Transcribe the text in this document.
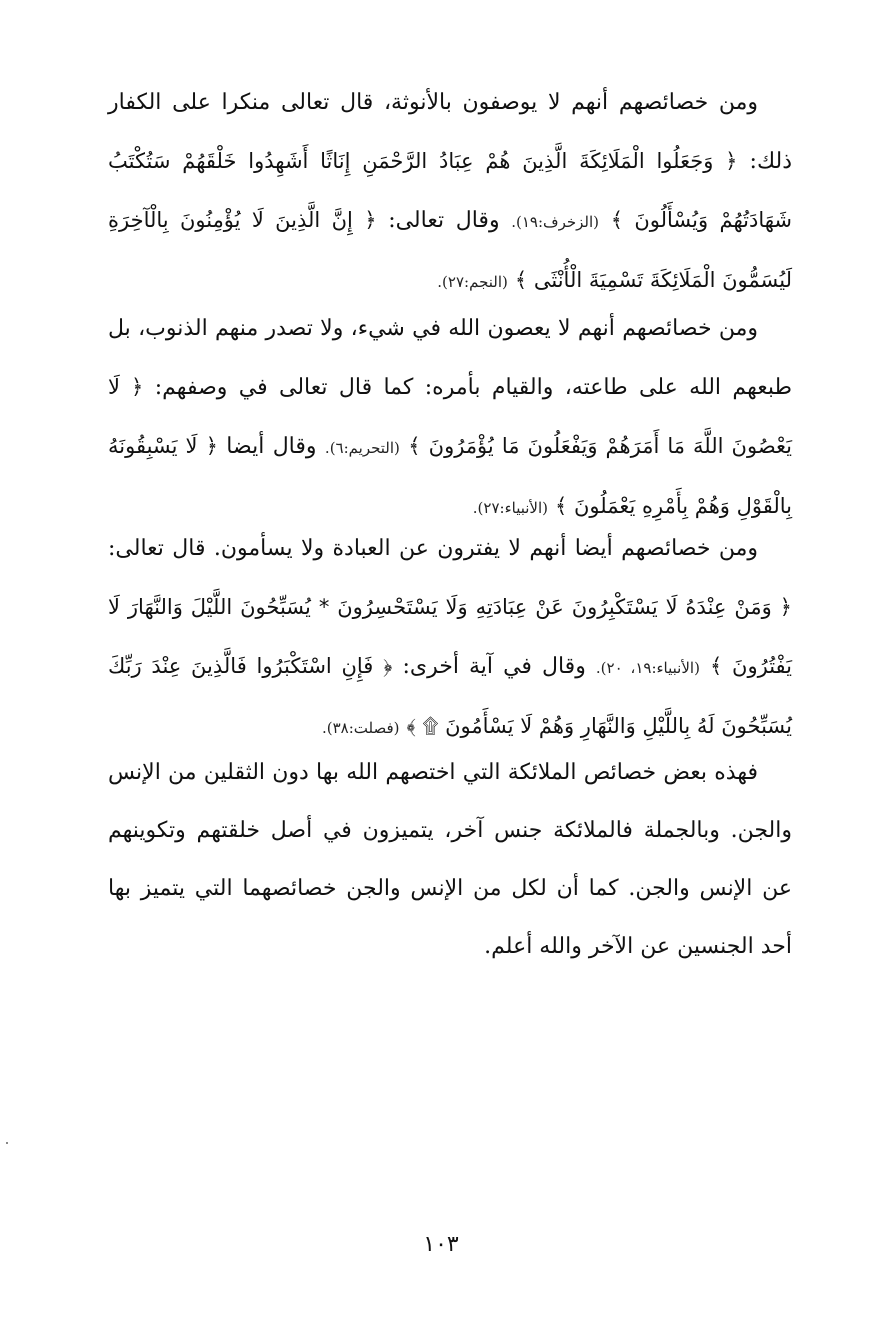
ومن خصائصهم أنهم لا يوصفون بالأنوثة، قال تعالى منكرا على الكفار ذلك: ﴿ وَجَعَلُوا الْمَلَائِكَةَ الَّذِينَ هُمْ عِبَادُ الرَّحْمَنِ إِنَاثًا أَشَهِدُوا خَلْقَهُمْ سَتُكْتَبُ شَهَادَتُهُمْ وَيُسْأَلُونَ ﴾ (الزخرف:١٩). وقال تعالى: ﴿ إِنَّ الَّذِينَ لَا يُؤْمِنُونَ بِالْآخِرَةِ لَيُسَمُّونَ الْمَلَائِكَةَ تَسْمِيَةَ الْأُنْثَى ﴾ (النجم:٢٧).

ومن خصائصهم أنهم لا يعصون الله في شيء، ولا تصدر منهم الذنوب، بل طبعهم الله على طاعته، والقيام بأمره: كما قال تعالى في وصفهم: ﴿ لَا يَعْصُونَ اللَّهَ مَا أَمَرَهُمْ وَيَفْعَلُونَ مَا يُؤْمَرُونَ ﴾ (التحريم:٦). وقال أيضا ﴿ لَا يَسْبِقُونَهُ بِالْقَوْلِ وَهُمْ بِأَمْرِهِ يَعْمَلُونَ ﴾ (الأنبياء:٢٧).

ومن خصائصهم أيضا أنهم لا يفترون عن العبادة ولا يسأمون. قال تعالى: ﴿ وَمَنْ عِنْدَهُ لَا يَسْتَكْبِرُونَ عَنْ عِبَادَتِهِ وَلَا يَسْتَحْسِرُونَ * يُسَبِّحُونَ اللَّيْلَ وَالنَّهَارَ لَا يَفْتُرُونَ ﴾ (الأنبياء:١٩، ٢٠). وقال في آية أخرى: ﴿ فَإِنِ اسْتَكْبَرُوا فَالَّذِينَ عِنْدَ رَبِّكَ يُسَبِّحُونَ لَهُ بِاللَّيْلِ وَالنَّهَارِ وَهُمْ لَا يَسْأَمُونَ ۩ ﴾ (فصلت:٣٨).

فهذه بعض خصائص الملائكة التي اختصهم الله بها دون الثقلين من الإنس والجن. وبالجملة فالملائكة جنس آخر، يتميزون في أصل خلقتهم وتكوينهم عن الإنس والجن. كما أن لكل من الإنس والجن خصائصهما التي يتميز بها أحد الجنسين عن الآخر والله أعلم.

١٠٣
